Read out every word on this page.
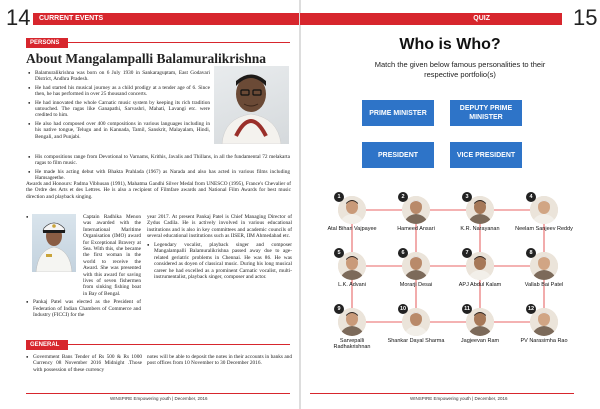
14	CURRENT EVENTS
PERSONS
About Mangalampalli Balamuralikrishna
● Balamuralikrishna was born on 6 July 1930 in Sankaraguptam, East Godavari District, Andhra Pradesh.
● He had started his musical journey as a child prodigy at a tender age of 6. Since then, he has performed in over 25 thousand concerts.
● He had innovated the whole Carnatic music system by keeping its rich tradition untouched. The ragas like Ganapathi, Sarvashri, Mahati, Lavangi etc. were credited to him.
● He also had composed over 400 compositions in various languages including in his native tongue, Telugu and in Kannada, Tamil, Sanskrit, Malayalam, Hindi, Bengali, and Punjabi.
● His compositions range from Devotional to Varnams, Krithis, Javalis and Thillans, in all the fundamental 72 melakarta ragas to film music.
● He made his acting debut with Bhakta Prahlada (1967) as Narada and also has acted in various films including Hamsageethe.
Awards and Honours: Padma Vibhusan (1991), Mahatma Gandhi Silver Medal from UNESCO (1995), France's Chevalier of the Ordre des Arts et des Lettres. He is also a recipient of Filmfare awards and National Film Awards for best music direction and playback singing.
● Captain Radhika Menon was awarded with the International Maritime Organisation (IMO) award for Exceptional Bravery at Sea. With this, she became the first woman in the world to receive the Award. She was presented with this award for saving lives of seven fishermen from sinking fishing boat in Bay of Bengal.
● Pankaj Patel was elected as the President of Federation of Indian Chambers of Commerce and Industry (FICCI) for the
year 2017. At present Pankaj Patel is Chief Managing Director of Zydus Cadila. He is actively involved in various educational institutions and is also in key committees and academic councils of several educational institutions such as IISER, IIM Ahmedabad etc.
● Legendary vocalist, playback singer and composer Mangalampalli Balamuralikrishna passed away due to age-related geriatric problems in Chennai. He was 86. He was considered as doyen of classical music. During his long musical career he had excelled as a prominent Carnatic vocalist, multi-instrumentalist, playback singer, composer and actor.
GENERAL
● Government Bans Tender of Rs 500 & Rs 1000 Currency 08 November 2016 Midnight .Those with possession of these currency
notes will be able to deposit the notes in their accounts in banks and post offices from 10 November to 30 December 2016.
WINSPIRE Empowering youth | December, 2016
QUIZ	15
Who is Who?
Match the given below famous personalities to their respective portfolio(s)
PRIME MINISTER
DEPUTY PRIME MINISTER
PRESIDENT	VICE PRESIDENT
1
Atal Bihari Vajpayee
2
Hameed Ansari
3
K.R. Narayanan
4
Neelam Sanjeev Reddy
5
L.K. Advani
6
Morarji Desai
7
APJ Abdul Kalam
8
Vallab Bai Patel
9
Sarvepalli Radhakrishnan
10
Shankar Dayal Sharma
11
Jagjeevan Ram
12
PV Narasimha Rao
WINSPIRE Empowering youth | December, 2016
